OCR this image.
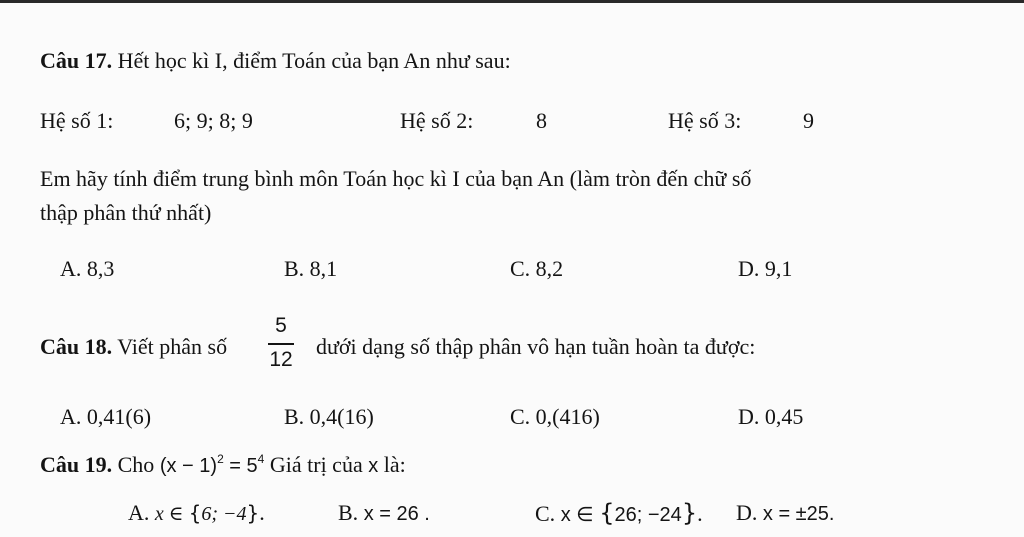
Câu 17. Hết học kì I, điểm Toán của bạn An như sau:
Hệ số 1:	6; 9; 8; 9	Hệ số 2:	8	Hệ số 3:	9
Em hãy tính điểm trung bình môn Toán học kì I của bạn An (làm tròn đến chữ số
thập phân thứ nhất)
A. 8,3	B. 8,1	C. 8,2	D. 9,1
Câu 18. Viết phân số
5
12
dưới dạng số thập phân vô hạn tuần hoàn ta được:
A. 0,41(6)	B. 0,4(16)	C. 0,(416)	D. 0,45
Câu 19. Cho $(x - 1)^2 = 5^4$ Giá trị của x là:
A. x ∈ {6; −4}.	B. x = 26 .	C. x ∈ {26; −24}. D. x = ±25.
